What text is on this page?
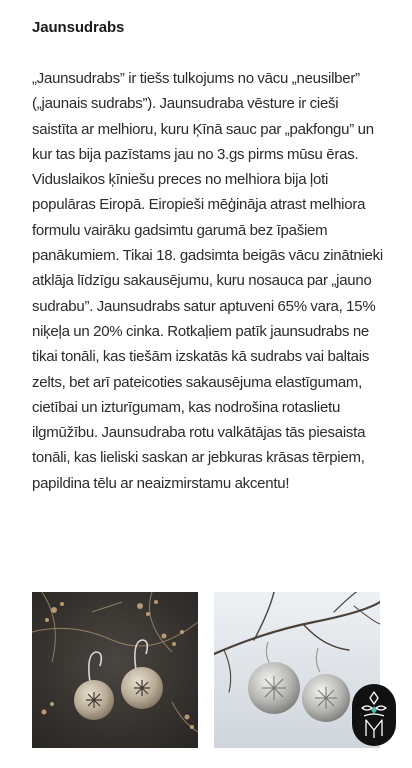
Jaunsudrabs

„Jaunsudrabs” ir tiešs tulkojums no vācu „neusilber” („jaunais sudrabs”). Jaunsudraba vēsture ir cieši saistīta ar melhioru, kuru Ķīnā sauc par „pakfongu” un kur tas bija pazīstams jau no 3.gs pirms mūsu ēras. Viduslaikos ķīniešu preces no melhiora bija ļoti populāras Eiropā. Eiropieši mēģināja atrast melhiora formulu vairāku gadsimtu garumā bez īpašiem panākumiem. Tikai 18. gadsimta beigās vācu zinātnieki atklāja līdzīgu sakausējumu, kuru nosauca par „jauno sudrabu”. Jaunsudrabs satur aptuveni 65% vara, 15% niķeļa un 20% cinka. Rotkaļiem patīk jaunsudrabs ne tikai tonāli, kas tiešām izskatās kā sudrabs vai baltais zelts, bet arī pateicoties sakausējuma elastīgumam, cietībai un izturīgumam, kas nodrošina rotaslietu ilgmūžību. Jaunsudraba rotu valkātājas tās piesaista tonāli, kas lieliski saskan ar jebkuras krāsas tērpiem, papildina tēlu ar neaizmirstamu akcentu!
